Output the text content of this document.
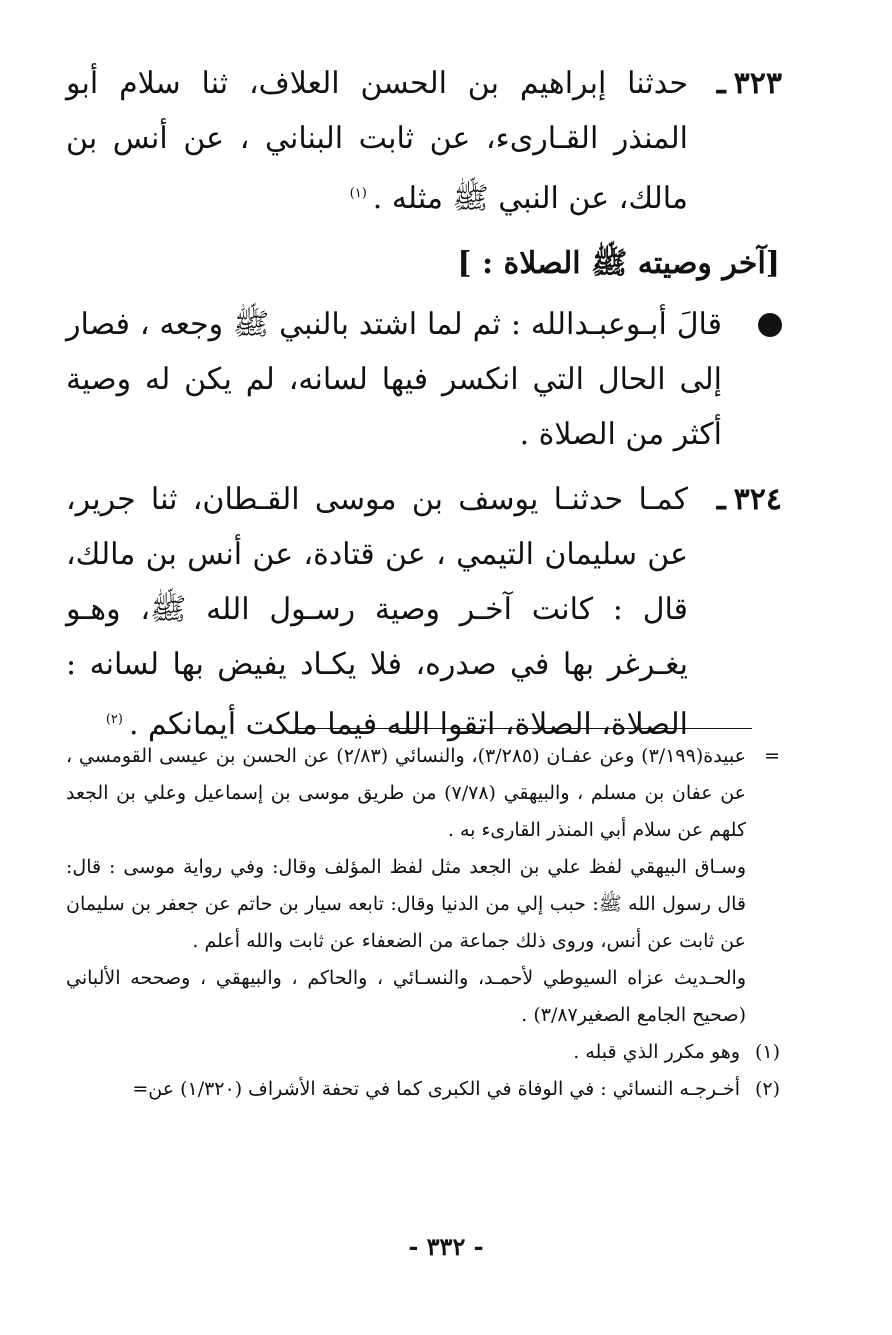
٣٢٣ـ
حدثنا إبراهيم بن الحسن العلاف، ثنا سلام أبو المنذر القـارىء، عن ثابت البناني ، عن أنس بن مالك، عن النبي ﷺ مثله .$^{(١)}$
[آخر وصيته ﷺ الصلاة : ]
قالَ أبـوعبـدالله : ثم لما اشتد بالنبي ﷺ وجعه ، فصار إلى الحال التي انكسر فيها لسانه، لم يكن له وصية أكثر من الصلاة .
٣٢٤ـ
كمـا حدثنـا يوسف بن موسى القـطان، ثنا جرير، عن سليمان التيمي ، عن قتادة، عن أنس بن مالك، قال : كانت آخـر وصية رسـول الله ﷺ، وهـو يغـرغر بها في صدره، فلا يكـاد يفيض بها لسانه : الصلاة، الصلاة، اتقوا الله فيما ملكت أيمانكم .$^{(٢)}$
=

عبيدة(٣/١٩٩) وعن عفـان (٣/٢٨٥)، والنسائي (٢/٨٣) عن الحسن بن عيسى القومسي ، عن عفان بن مسلم ، والبيهقي (٧/٧٨) من طريق موسى بن إسماعيل وعلي بن الجعد كلهم عن سلام أبي المنذر القارىء به .

وسـاق البيهقي لفظ علي بن الجعد مثل لفظ المؤلف وقال: وفي رواية موسى : قال: قال رسول الله ﷺ: حبب إلي من الدنيا وقال: تابعه سيار بن حاتم عن جعفر بن سليمان عن ثابت عن أنس، وروى ذلك جماعة من الضعفاء عن ثابت والله أعلم .

والحـديث عزاه السيوطي لأحمـد، والنسـائي ، والحاكم ، والبيهقي ، وصححه الألباني (صحيح الجامع الصغير٣/٨٧) .

(١)
وهو مكرر الذي قبله .

(٢)
أخـرجـه النسائي : في الوفاة في الكبرى كما في تحفة الأشراف (١/٣٢٠) عن=

- ٣٣٢ -
